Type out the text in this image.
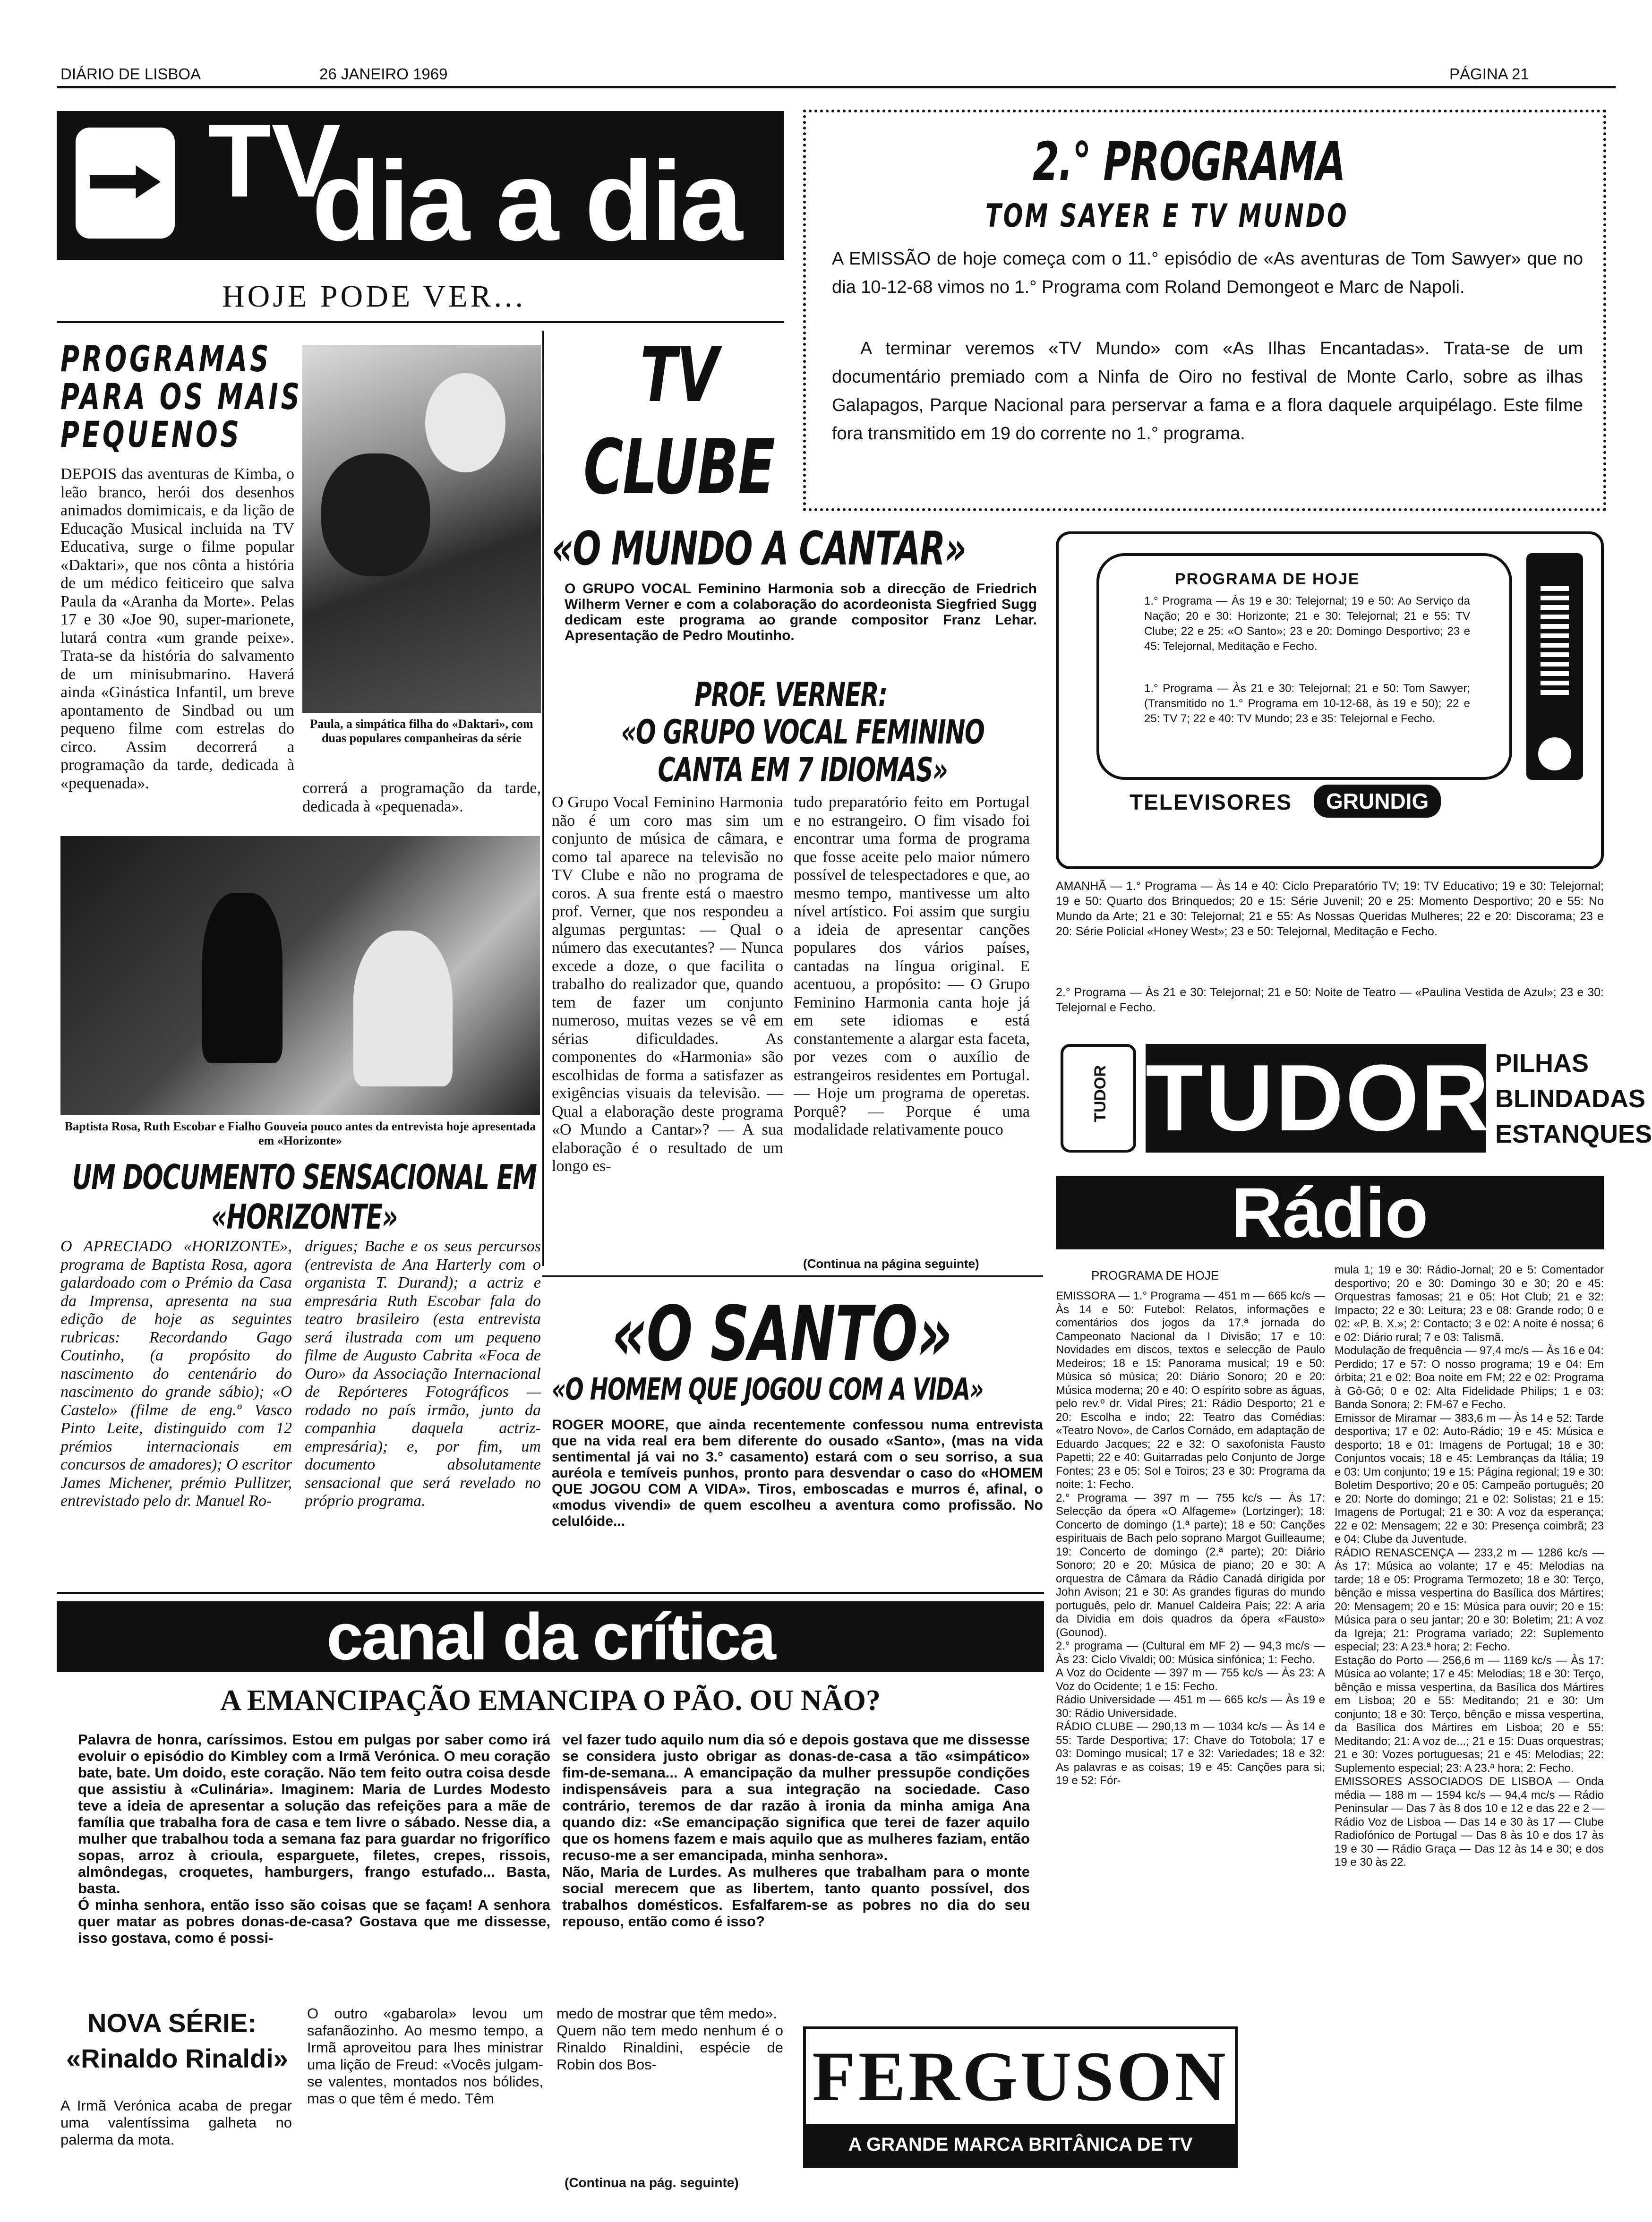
DIÁRIO DE LISBOA	26 JANEIRO 1969	PÁGINA 21
TV
dia a dia
HOJE PODE VER...
2.° PROGRAMA
TOM SAYER E TV MUNDO
A EMISSÃO de hoje começa com o 11.° episódio de «As aventuras de Tom Sawyer» que no dia 10-12-68 vimos no 1.° Programa com Roland Demongeot e Marc de Napoli.
A terminar veremos «TV Mundo» com «As Ilhas Encantadas». Trata-se de um documentário premiado com a Ninfa de Oiro no festival de Monte Carlo, sobre as ilhas Galapagos, Parque Nacional para perservar a fama e a flora daquele arquipélago. Este filme fora transmitido em 19 do corrente no 1.° programa.
PROGRAMAS PARA OS MAIS PEQUENOS
DEPOIS das aventuras de Kimba, o leão branco, herói dos desenhos animados domimicais, e da lição de Educação Musical incluida na TV Educativa, surge o filme popular «Daktari», que nos cônta a história de um médico feiticeiro que salva Paula da «Aranha da Morte». Pelas 17 e 30 «Joe 90, super-marionete, lutará contra «um grande peixe». Trata-se da história do salvamento de um minisubmarino. Haverá ainda «Ginástica Infantil, um breve apontamento de Sindbad ou um pequeno filme com estrelas do circo. Assim decorrerá a programação da tarde, dedicada à «pequenada».
Paula, a simpática filha do «Daktari», com duas populares companheiras da série
correrá a programação da tarde, dedicada à «pequenada».
Baptista Rosa, Ruth Escobar e Fialho Gouveia pouco antes da entrevista hoje apresentada em «Horizonte»
UM DOCUMENTO SENSACIONAL EM «HORIZONTE»
O APRECIADO «HORIZONTE», programa de Baptista Rosa, agora galardoado com o Prémio da Casa da Imprensa, apresenta na sua edição de hoje as seguintes rubricas: Recordando Gago Coutinho, (a propósito do nascimento do centenário do nascimento do grande sábio); «O Castelo» (filme de eng.º Vasco Pinto Leite, distinguido com 12 prémios internacionais em concursos de amadores); O escritor James Michener, prémio Pullitzer, entrevistado pelo dr. Manuel Ro-
drigues; Bache e os seus percursos (entrevista de Ana Harterly com o organista T. Durand); a actriz e empresária Ruth Escobar fala do teatro brasileiro (esta entrevista será ilustrada com um pequeno filme de Augusto Cabrita «Foca de Ouro» da Associação Internacional de Repórteres Fotográficos — rodado no país irmão, junto da companhia daquela actriz-empresária); e, por fim, um documento absolutamente sensacional que será revelado no próprio programa.
TV
CLUBE
«O MUNDO A CANTAR»
O GRUPO VOCAL Feminino Harmonia sob a direcção de Friedrich Wilherm Verner e com a colaboração do acordeonista Siegfried Sugg dedicam este programa ao grande compositor Franz Lehar. Apresentação de Pedro Moutinho.
PROF. VERNER:
«O GRUPO VOCAL FEMININO CANTA EM 7 IDIOMAS»
O Grupo Vocal Feminino Harmonia não é um coro mas sim um conjunto de música de câmara, e como tal aparece na televisão no TV Clube e não no programa de coros. A sua frente está o maestro prof. Verner, que nos respondeu a algumas perguntas: — Qual o número das executantes? — Nunca excede a doze, o que facilita o trabalho do realizador que, quando tem de fazer um conjunto numeroso, muitas vezes se vê em sérias dificuldades. As componentes do «Harmonia» são escolhidas de forma a satisfazer as exigências visuais da televisão. — Qual a elaboração deste programa «O Mundo a Cantar»? — A sua elaboração é o resultado de um longo es-
tudo preparatório feito em Portugal e no estrangeiro. O fim visado foi encontrar uma forma de programa que fosse aceite pelo maior número possível de telespectadores e que, ao mesmo tempo, mantivesse um alto nível artístico. Foi assim que surgiu a ideia de apresentar canções populares dos vários países, cantadas na língua original. E acentuou, a propósito: — O Grupo Feminino Harmonia canta hoje já em sete idiomas e está constantemente a alargar esta faceta, por vezes com o auxílio de estrangeiros residentes em Portugal. — Hoje um programa de operetas. Porquê? — Porque é uma modalidade relativamente pouco
(Continua na página seguinte)
PROGRAMA DE HOJE
1.° Programa — Às 19 e 30: Telejornal; 19 e 50: Ao Serviço da Nação; 20 e 30: Horizonte; 21 e 30: Telejornal; 21 e 55: TV Clube; 22 e 25: «O Santo»; 23 e 20: Domingo Desportivo; 23 e 45: Telejornal, Meditação e Fecho.
1.° Programa — Às 21 e 30: Telejornal; 21 e 50: Tom Sawyer; (Transmitido no 1.° Programa em 10-12-68, às 19 e 50); 22 e 25: TV 7; 22 e 40: TV Mundo; 23 e 35: Telejornal e Fecho.
TELEVISORES	GRUNDIG
AMANHÃ — 1.° Programa — Às 14 e 40: Ciclo Preparatório TV; 19: TV Educativo; 19 e 30: Telejornal; 19 e 50: Quarto dos Brinquedos; 20 e 15: Série Juvenil; 20 e 25: Momento Desportivo; 20 e 55: No Mundo da Arte; 21 e 30: Telejornal; 21 e 55: As Nossas Queridas Mulheres; 22 e 20: Discorama; 23 e 20: Série Policial «Honey West»; 23 e 50: Telejornal, Meditação e Fecho.
2.° Programa — Às 21 e 30: Telejornal; 21 e 50: Noite de Teatro — «Paulina Vestida de Azul»; 23 e 30: Telejornal e Fecho.
TUDOR TUDOR PILHAS
BLINDADAS
ESTANQUES
Rádio
PROGRAMA DE HOJE
EMISSORA — 1.° Programa — 451 m — 665 kc/s — Às 14 e 50: Futebol: Relatos, informações e comentários dos jogos da 17.ª jornada do Campeonato Nacional da I Divisão; 17 e 10: Novidades em discos, textos e selecção de Paulo Medeiros; 18 e 15: Panorama musical; 19 e 50: Música só música; 20: Diário Sonoro; 20 e 20: Música moderna; 20 e 40: O espírito sobre as águas, pelo rev.º dr. Vidal Pires; 21: Rádio Desporto; 21 e 20: Escolha e indo; 22: Teatro das Comédias: «Teatro Novo», de Carlos Cornádo, em adaptação de Eduardo Jacques; 22 e 32: O saxofonista Fausto Papetti; 22 e 40: Guitarradas pelo Conjunto de Jorge Fontes; 23 e 05: Sol e Toiros; 23 e 30: Programa da noite; 1: Fecho.
2.° Programa — 397 m — 755 kc/s — Às 17: Selecção da ópera «O Alfageme» (Lortzinger); 18: Concerto de domingo (1.ª parte); 18 e 50: Canções espirituais de Bach pelo soprano Margot Guilleaume; 19: Concerto de domingo (2.ª parte); 20: Diário Sonoro; 20 e 20: Música de piano; 20 e 30: A orquestra de Câmara da Rádio Canadá dirigida por John Avison; 21 e 30: As grandes figuras do mundo português, pelo dr. Manuel Caldeira Pais; 22: A aria da Dividia em dois quadros da ópera «Fausto» (Gounod).
2.° programa — (Cultural em MF 2) — 94,3 mc/s — Às 23: Ciclo Vivaldi; 00: Música sinfónica; 1: Fecho.
A Voz do Ocidente — 397 m — 755 kc/s — Às 23: A Voz do Ocidente; 1 e 15: Fecho.
Rádio Universidade — 451 m — 665 kc/s — Às 19 e 30: Rádio Universidade.
RÁDIO CLUBE — 290,13 m — 1034 kc/s — Às 14 e 55: Tarde Desportiva; 17: Chave do Totobola; 17 e 03: Domingo musical; 17 e 32: Variedades; 18 e 32: As palavras e as coisas; 19 e 45: Canções para si; 19 e 52: Fór-
mula 1; 19 e 30: Rádio-Jornal; 20 e 5: Comentador desportivo; 20 e 30: Domingo 30 e 30; 20 e 45: Orquestras famosas; 21 e 05: Hot Club; 21 e 32: Impacto; 22 e 30: Leitura; 23 e 08: Grande rodo; 0 e 02: «P. B. X.»; 2: Contacto; 3 e 02: A noite é nossa; 6 e 02: Diário rural; 7 e 03: Talismã.
Modulação de frequência — 97,4 mc/s — Às 16 e 04: Perdido; 17 e 57: O nosso programa; 19 e 04: Em órbita; 21 e 02: Boa noite em FM; 22 e 02: Programa à Gô-Gô; 0 e 02: Alta Fidelidade Philips; 1 e 03: Banda Sonora; 2: FM-67 e Fecho.
Emissor de Miramar — 383,6 m — Às 14 e 52: Tarde desportiva; 17 e 02: Auto-Rádio; 19 e 45: Música e desporto; 18 e 01: Imagens de Portugal; 18 e 30: Conjuntos vocais; 18 e 45: Lembranças da Itália; 19 e 03: Um conjunto; 19 e 15: Página regional; 19 e 30: Boletim Desportivo; 20 e 05: Campeão português; 20 e 20: Norte do domingo; 21 e 02: Solistas; 21 e 15: Imagens de Portugal; 21 e 30: A voz da esperança; 22 e 02: Mensagem; 22 e 30: Presença coimbrã; 23 e 04: Clube da Juventude.
RÁDIO RENASCENÇA — 233,2 m — 1286 kc/s — Às 17: Música ao volante; 17 e 45: Melodias na tarde; 18 e 05: Programa Termozeto; 18 e 30: Terço, bênção e missa vespertina do Basílica dos Mártires; 20: Mensagem; 20 e 15: Música para ouvir; 20 e 15: Música para o seu jantar; 20 e 30: Boletim; 21: A voz da Igreja; 21: Programa variado; 22: Suplemento especial; 23: A 23.ª hora; 2: Fecho.
Estação do Porto — 256,6 m — 1169 kc/s — Às 17: Música ao volante; 17 e 45: Melodias; 18 e 30: Terço, bênção e missa vespertina, da Basílica dos Mártires em Lisboa; 20 e 55: Meditando; 21 e 30: Um conjunto; 18 e 30: Terço, bênção e missa vespertina, da Basílica dos Mártires em Lisboa; 20 e 55: Meditando; 21: A voz de...; 21 e 15: Duas orquestras; 21 e 30: Vozes portuguesas; 21 e 45: Melodias; 22: Suplemento especial; 23: A 23.ª hora; 2: Fecho.
EMISSORES ASSOCIADOS DE LISBOA — Onda média — 188 m — 1594 kc/s — 94,4 mc/s — Rádio Peninsular — Das 7 às 8 dos 10 e 12 e das 22 e 2 — Rádio Voz de Lisboa — Das 14 e 30 às 17 — Clube Radiofónico de Portugal — Das 8 às 10 e dos 17 às 19 e 30 — Rádio Graça — Das 12 às 14 e 30; e dos 19 e 30 às 22.
«O SANTO»
«O HOMEM QUE JOGOU COM A VIDA»
ROGER MOORE, que ainda recentemente confessou numa entrevista que na vida real era bem diferente do ousado «Santo», (mas na vida sentimental já vai no 3.° casamento) estará com o seu sorriso, a sua auréola e temíveis punhos, pronto para desvendar o caso do «HOMEM QUE JOGOU COM A VIDA». Tiros, emboscadas e murros é, afinal, o «modus vivendi» de quem escolheu a aventura como profissão. No celulóide...
canal da crítica
A EMANCIPAÇÃO EMANCIPA O PÃO. OU NÃO?
Palavra de honra, caríssimos. Estou em pulgas por saber como irá evoluir o episódio do Kimbley com a Irmã Verónica. O meu coração bate, bate. Um doido, este coração. Não tem feito outra coisa desde que assistiu à «Culinária». Imaginem: Maria de Lurdes Modesto teve a ideia de apresentar a solução das refeições para a mãe de família que trabalha fora de casa e tem livre o sábado. Nesse dia, a mulher que trabalhou toda a semana faz para guardar no frigorífico sopas, arroz à crioula, esparguete, filetes, crepes, rissois, almôndegas, croquetes, hamburgers, frango estufado... Basta, basta.
Ó minha senhora, então isso são coisas que se façam! A senhora quer matar as pobres donas-de-casa? Gostava que me dissesse, isso gostava, como é possi-
vel fazer tudo aquilo num dia só e depois gostava que me dissesse se considera justo obrigar as donas-de-casa a tão «simpático» fim-de-semana... A emancipação da mulher pressupõe condições indispensáveis para a sua integração na sociedade. Caso contrário, teremos de dar razão à ironia da minha amiga Ana quando diz: «Se emancipação significa que terei de fazer aquilo que os homens fazem e mais aquilo que as mulheres faziam, então recuso-me a ser emancipada, minha senhora».
Não, Maria de Lurdes. As mulheres que trabalham para o monte social merecem que as libertem, tanto quanto possível, dos trabalhos domésticos. Esfalfarem-se as pobres no dia do seu repouso, então como é isso?
NOVA SÉRIE:
«Rinaldo Rinaldi»
A Irmã Verónica acaba de pregar uma valentíssima galheta no palerma da mota.
O outro «gabarola» levou um safanãozinho. Ao mesmo tempo, a Irmã aproveitou para lhes ministrar uma lição de Freud: «Vocês julgam-se valentes, montados nos bólides, mas o que têm é medo. Têm
medo de mostrar que têm medo».
Quem não tem medo nenhum é o Rinaldo Rinaldini, espécie de Robin dos Bos-
(Continua na pág. seguinte)
FERGUSON
A GRANDE MARCA BRITÂNICA DE TV
